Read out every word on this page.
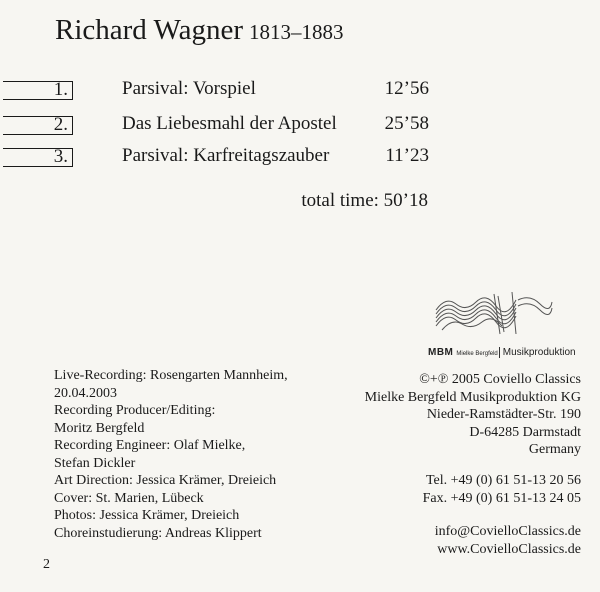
Richard Wagner 1813–1883
1.	Parsival: Vorspiel	12’56
2.	Das Liebesmahl der Apostel	25’58
3.	Parsival: Karfreitagszauber	11’23
total time: 50’18
MBM Mielke Bergfeld Musikproduktion
Live-Recording: Rosengarten Mannheim,
20.04.2003
Recording Producer/Editing:
Moritz Bergfeld
Recording Engineer: Olaf Mielke,
Stefan Dickler
Art Direction: Jessica Krämer, Dreieich
Cover: St. Marien, Lübeck
Photos: Jessica Krämer, Dreieich
Choreinstudierung: Andreas Klippert
©+℗ 2005 Coviello Classics
Mielke Bergfeld Musikproduktion KG
Nieder-Ramstädter-Str. 190
D-64285 Darmstadt
Germany
Tel. +49 (0) 61 51-13 20 56
Fax. +49 (0) 61 51-13 24 05
info@CovielloClassics.de
www.CovielloClassics.de
2
